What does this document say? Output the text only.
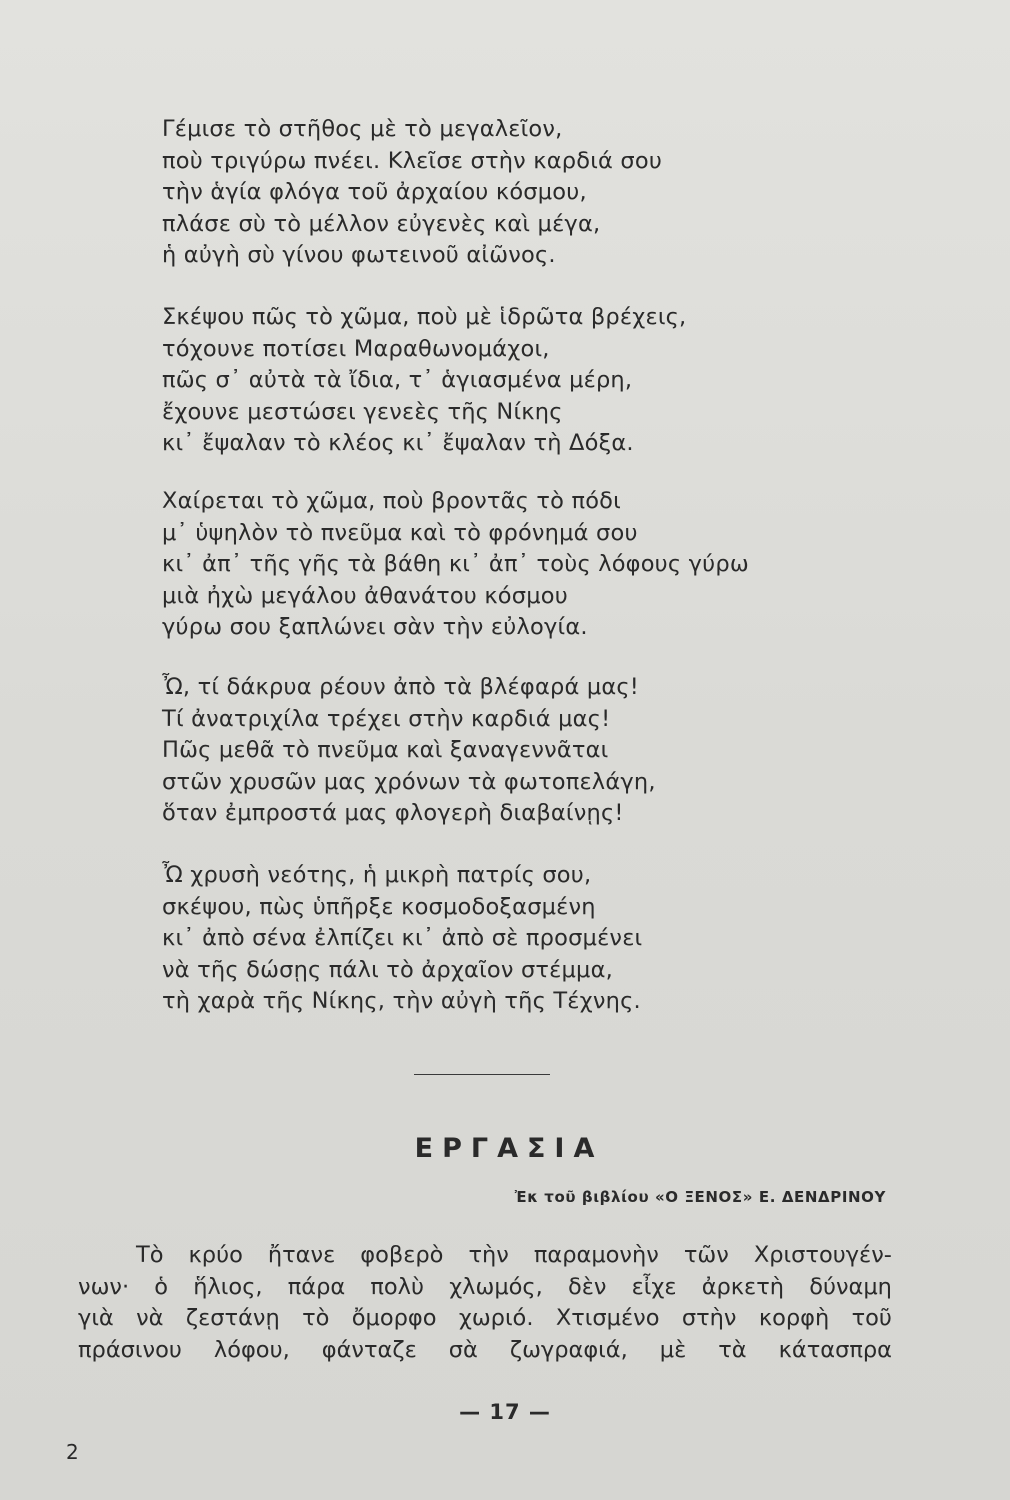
Γέμισε τὸ στῆθος μὲ τὸ μεγαλεῖον,
ποὺ τριγύρω πνέει. Κλεῖσε στὴν καρδιά σου
τὴν ἁγία φλόγα τοῦ ἀρχαίου κόσμου,
πλάσε σὺ τὸ μέλλον εὐγενὲς καὶ μέγα,
ἡ αὐγὴ σὺ γίνου φωτεινοῦ αἰῶνος.
Σκέψου πῶς τὸ χῶμα, ποὺ μὲ ἱδρῶτα βρέχεις,
τόχουνε ποτίσει Μαραθωνομάχοι,
πῶς σ᾽ αὐτὰ τὰ ἴδια, τ᾽ ἁγιασμένα μέρη,
ἔχουνε μεστώσει γενεὲς τῆς Νίκης
κι᾽ ἔψαλαν τὸ κλέος κι᾽ ἔψαλαν τὴ Δόξα.
Χαίρεται τὸ χῶμα, ποὺ βροντᾶς τὸ πόδι
μ᾽ ὑψηλὸν τὸ πνεῦμα καὶ τὸ φρόνημά σου
κι᾽ ἀπ᾽ τῆς γῆς τὰ βάθη κι᾽ ἀπ᾽ τοὺς λόφους γύρω
μιὰ ἠχὼ μεγάλου ἀθανάτου κόσμου
γύρω σου ξαπλώνει σὰν τὴν εὐλογία.
Ὦ, τί δάκρυα ρέουν ἀπὸ τὰ βλέφαρά μας!
Τί ἀνατριχίλα τρέχει στὴν καρδιά μας!
Πῶς μεθᾶ τὸ πνεῦμα καὶ ξαναγεννᾶται
στῶν χρυσῶν μας χρόνων τὰ φωτοπελάγη,
ὅταν ἐμπροστά μας φλογερὴ διαβαίνῃς!
Ὦ χρυσὴ νεότης, ἡ μικρὴ πατρίς σου,
σκέψου, πὼς ὑπῆρξε κοσμοδοξασμένη
κι᾽ ἀπὸ σένα ἐλπίζει κι᾽ ἀπὸ σὲ προσμένει
νὰ τῆς δώσῃς πάλι τὸ ἀρχαῖον στέμμα,
τὴ χαρὰ τῆς Νίκης, τὴν αὐγὴ τῆς Τέχνης.
ΕΡΓΑΣΙΑ
Ἐκ τοῦ βιβλίου «Ο ΞΕΝΟΣ» Ε. ΔΕΝΔΡΙΝΟΥ
Τὸ κρύο ἤτανε φοβερὸ τὴν παραμονὴν τῶν Χριστουγέν-
νων· ὁ ἥλιος, πάρα πολὺ χλωμός, δὲν εἶχε ἀρκετὴ δύναμη
γιὰ νὰ ζεστάνῃ τὸ ὄμορφο χωριό. Χτισμένο στὴν κορφὴ τοῦ
πράσινου λόφου, φάνταζε σὰ ζωγραφιά, μὲ τὰ κάτασπρα
— 17 —
2
